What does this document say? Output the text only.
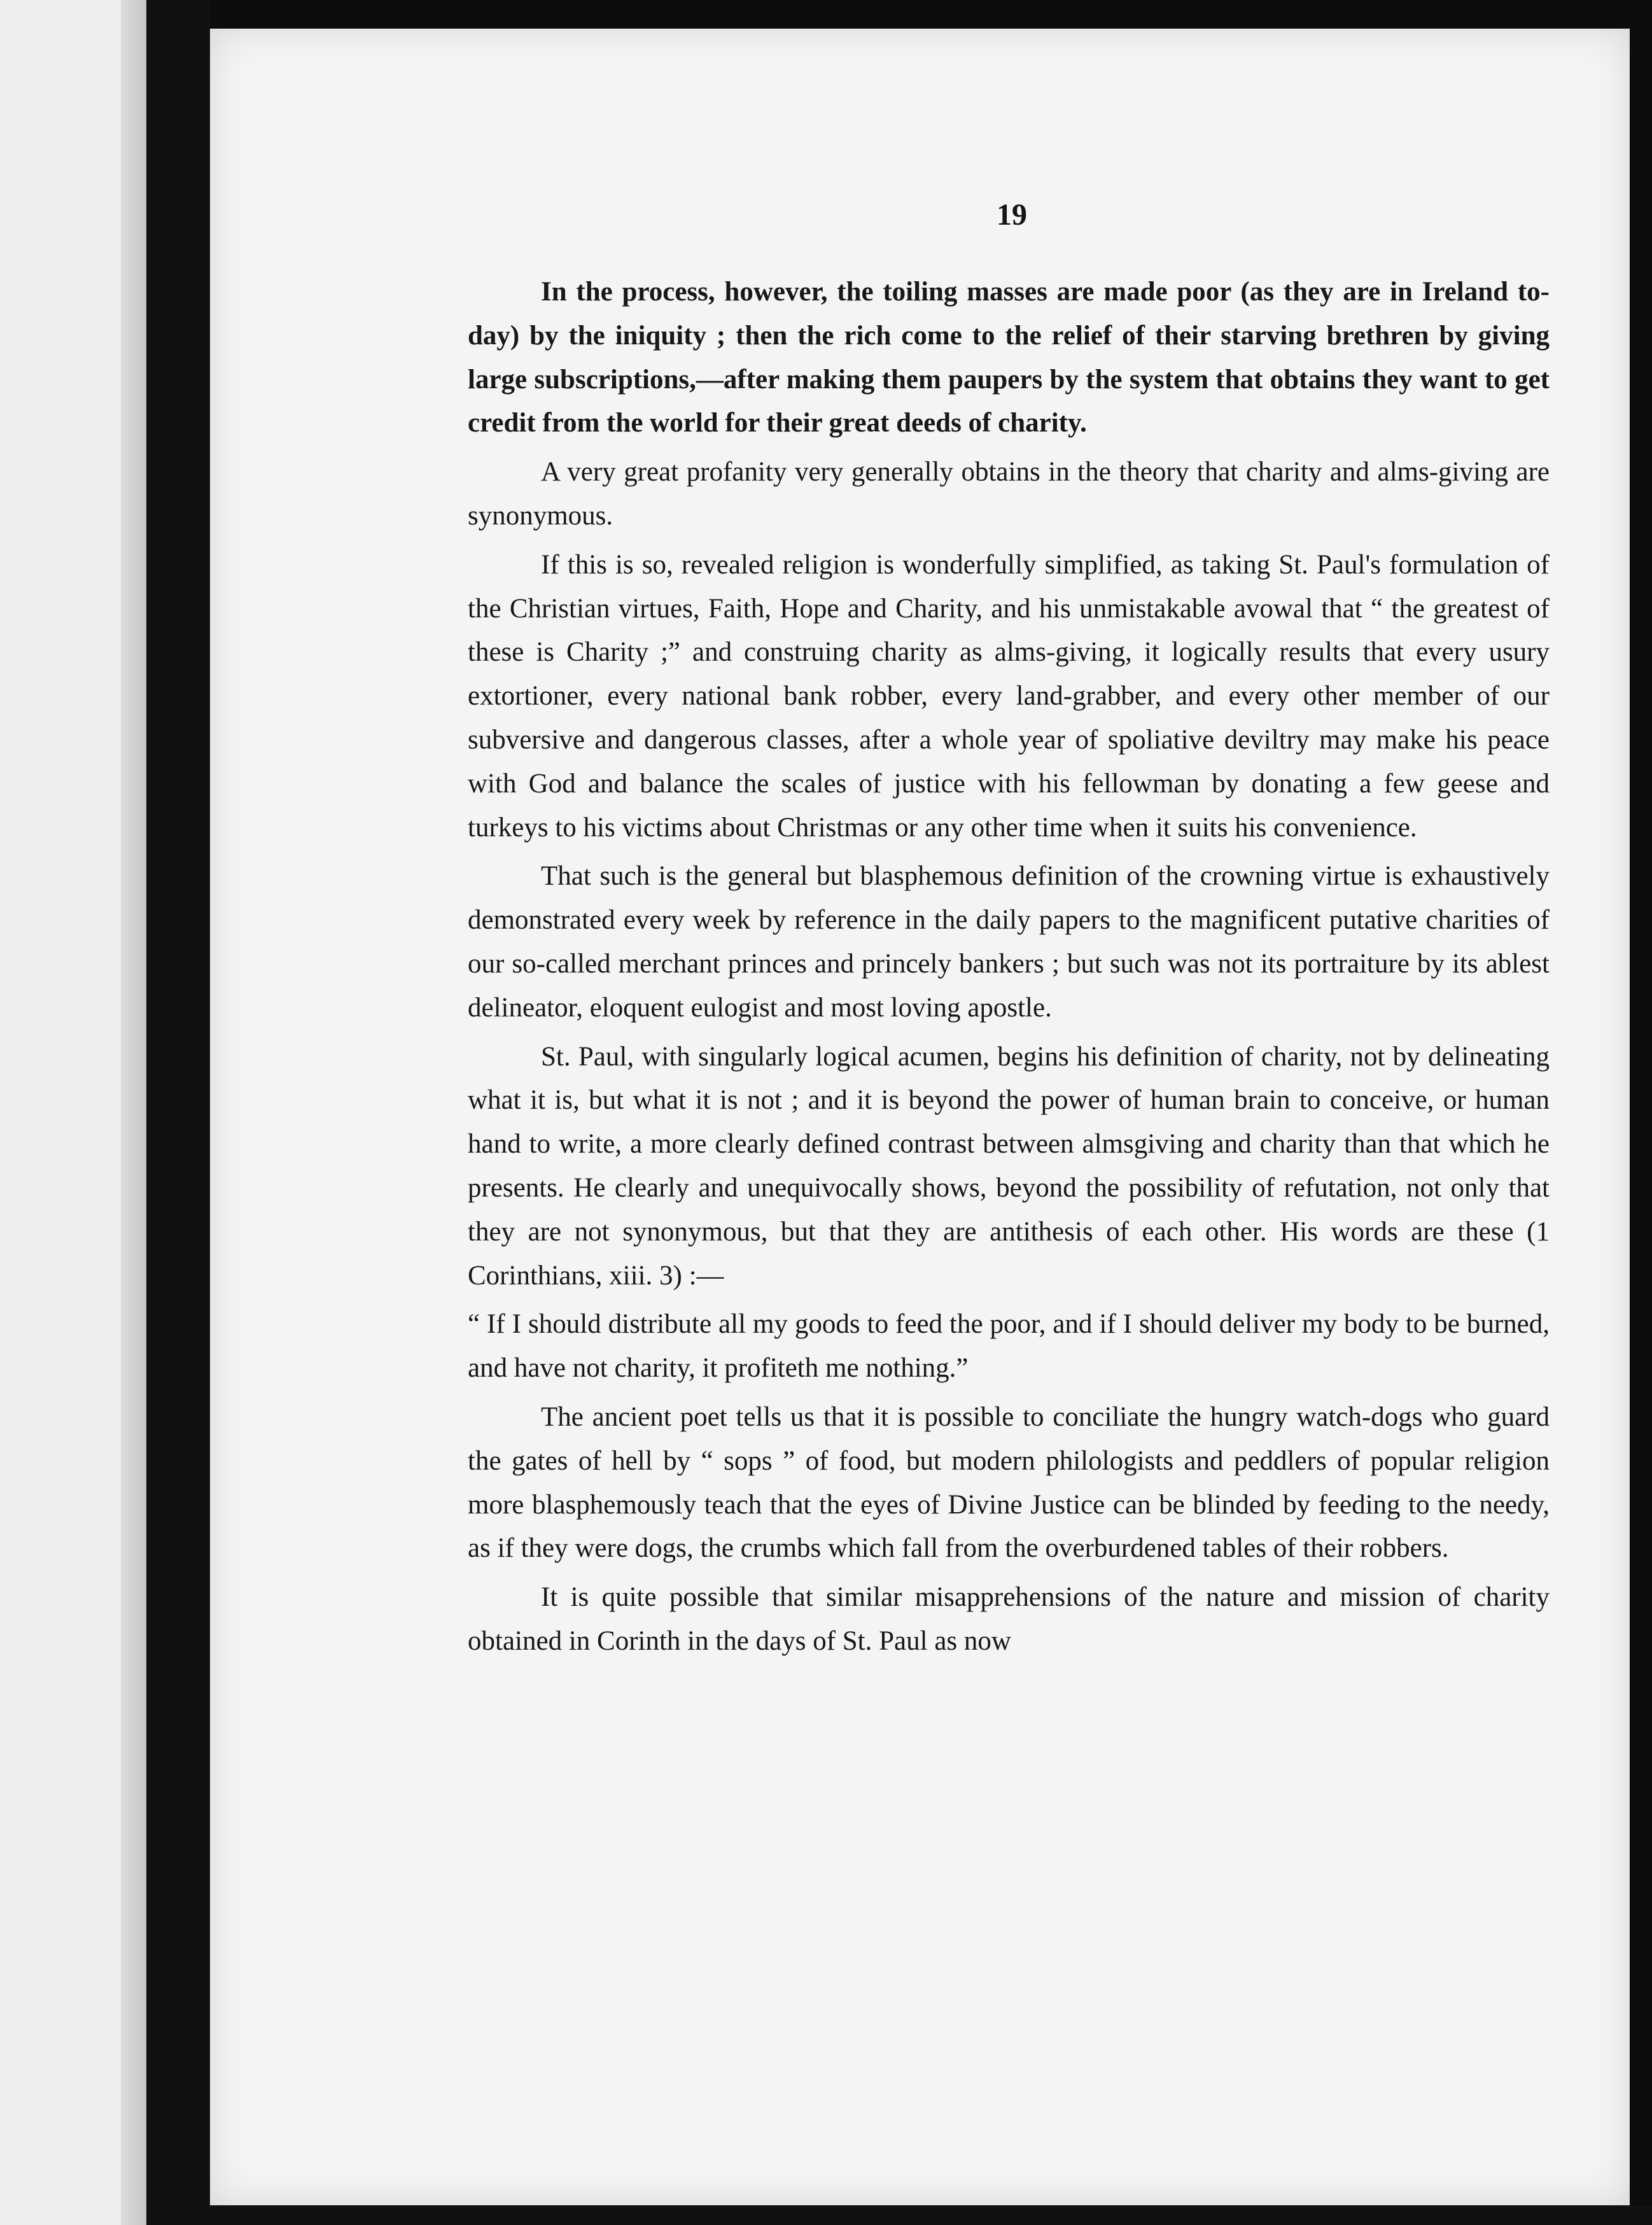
19

In the process, however, the toiling masses are made poor (as they are in Ireland to-day) by the iniquity ; then the rich come to the relief of their starving brethren by giving large subscriptions,—after making them paupers by the system that obtains they want to get credit from the world for their great deeds of charity.

A very great profanity very generally obtains in the theory that charity and alms-giving are synonymous.

If this is so, revealed religion is wonderfully simplified, as taking St. Paul's formulation of the Christian virtues, Faith, Hope and Charity, and his unmistakable avowal that “ the greatest of these is Charity ;” and construing charity as alms-giving, it logically results that every usury extortioner, every national bank robber, every land-grabber, and every other member of our subversive and dangerous classes, after a whole year of spoliative deviltry may make his peace with God and balance the scales of justice with his fellowman by donating a few geese and turkeys to his victims about Christmas or any other time when it suits his convenience.

That such is the general but blasphemous definition of the crowning virtue is exhaustively demonstrated every week by reference in the daily papers to the magnificent putative charities of our so-called merchant princes and princely bankers ; but such was not its portraiture by its ablest delineator, eloquent eulogist and most loving apostle.

St. Paul, with singularly logical acumen, begins his definition of charity, not by delineating what it is, but what it is not ; and it is beyond the power of human brain to conceive, or human hand to write, a more clearly defined contrast between almsgiving and charity than that which he presents. He clearly and unequivocally shows, beyond the possibility of refutation, not only that they are not synonymous, but that they are antithesis of each other. His words are these (1 Corinthians, xiii. 3) :—

“ If I should distribute all my goods to feed the poor, and if I should deliver my body to be burned, and have not charity, it profiteth me nothing.”

The ancient poet tells us that it is possible to conciliate the hungry watch-dogs who guard the gates of hell by “ sops ” of food, but modern philologists and peddlers of popular religion more blasphemously teach that the eyes of Divine Justice can be blinded by feeding to the needy, as if they were dogs, the crumbs which fall from the overburdened tables of their robbers.

It is quite possible that similar misapprehensions of the nature and mission of charity obtained in Corinth in the days of St. Paul as now
